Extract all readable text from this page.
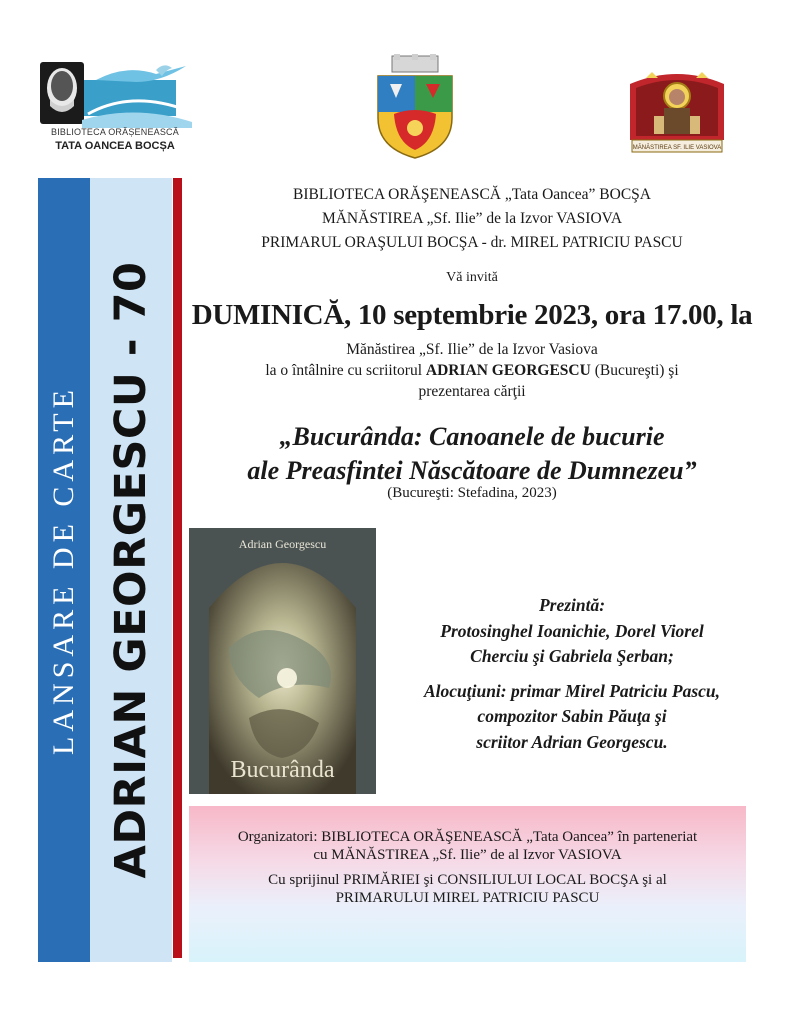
BIBLIOTECA ORĂȘENEASCĂ
TATA OANCEA BOCȘA	MĂNĂSTIREA SF. ILIE VASIOVA
LANSARE DE CARTE ADRIAN GEORGESCU - 70
BIBLIOTECA ORĂŞENEASCĂ „Tata Oancea” BOCŞA
MĂNĂSTIREA „Sf. Ilie” de la Izvor VASIOVA
PRIMARUL ORAŞULUI BOCŞA - dr. MIREL PATRICIU PASCU
Vă invită
DUMINICĂ, 10 septembrie 2023, ora 17.00, la
Mănăstirea „Sf. Ilie” de la Izvor Vasiova
la o întâlnire cu scriitorul ADRIAN GEORGESCU (Bucureşti) şi
prezentarea cărţii
„Bucurânda: Canoanele de bucurie
ale Preasfintei Născătoare de Dumnezeu”
(Bucureşti: Stefadina, 2023)
Adrian Georgescu
Bucurânda
Prezintă:
Protosinghel Ioanichie, Dorel Viorel
Cherciu şi Gabriela Şerban;
Alocuţiuni: primar Mirel Patriciu Pascu,
compozitor Sabin Păuţa şi
scriitor Adrian Georgescu.
Organizatori: BIBLIOTECA ORĂŞENEASCĂ „Tata Oancea” în parteneriat
cu MĂNĂSTIREA „Sf. Ilie” de al Izvor VASIOVA
Cu sprijinul PRIMĂRIEI şi CONSILIULUI LOCAL BOCŞA şi al
PRIMARULUI MIREL PATRICIU PASCU
